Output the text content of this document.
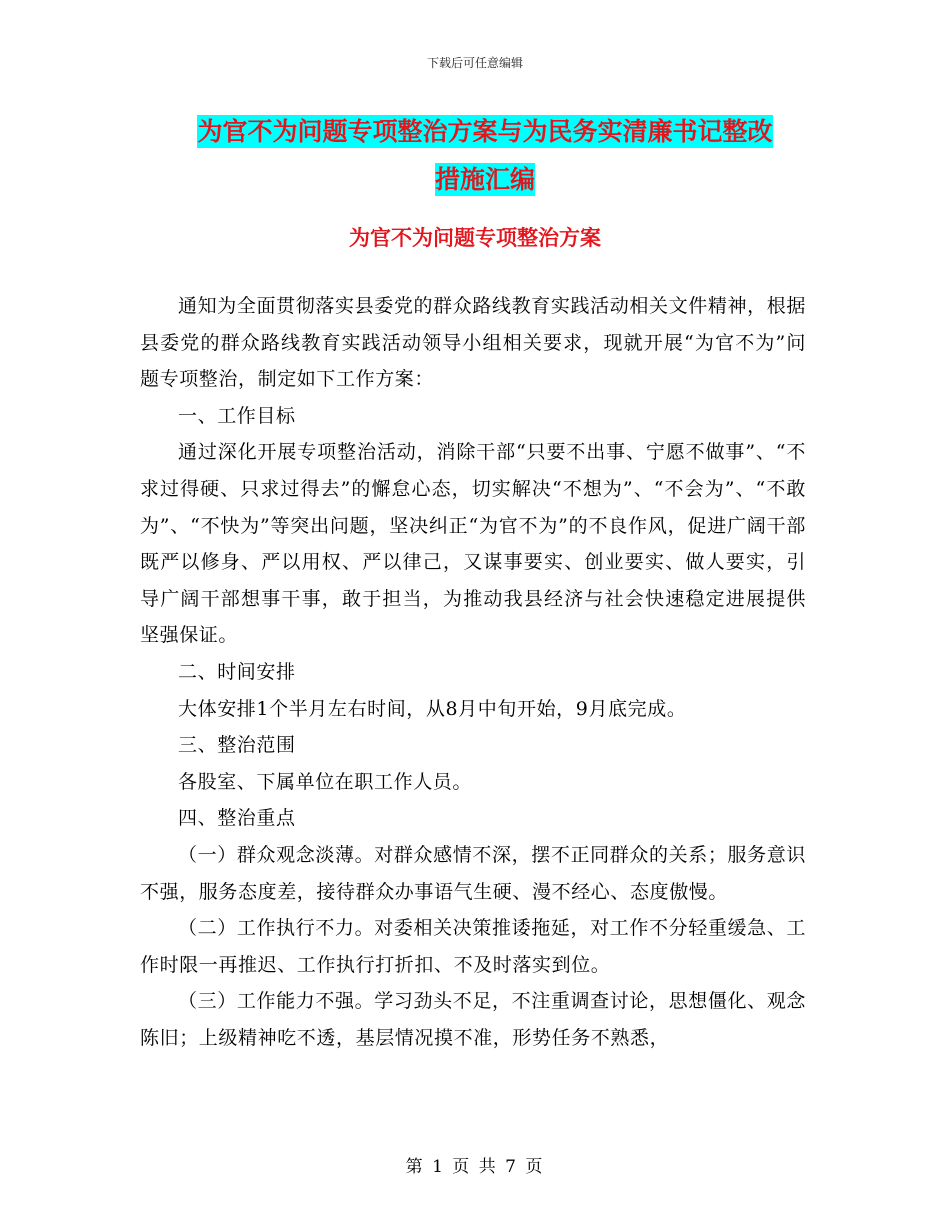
下载后可任意编辑
为官不为问题专项整治方案与为民务实清廉书记整改
措施汇编
为官不为问题专项整治方案

通知为全面贯彻落实县委党的群众路线教育实践活动相关文件精神，根据县委党的群众路线教育实践活动领导小组相关要求，现就开展“为官不为”问题专项整治，制定如下工作方案：

一、工作目标

通过深化开展专项整治活动，消除干部“只要不出事、宁愿不做事”、“不求过得硬、只求过得去”的懈怠心态，切实解决“不想为”、“不会为”、“不敢为”、“不快为”等突出问题，坚决纠正“为官不为”的不良作风，促进广阔干部既严以修身、严以用权、严以律己，又谋事要实、创业要实、做人要实，引导广阔干部想事干事，敢于担当，为推动我县经济与社会快速稳定进展提供坚强保证。

二、时间安排

大体安排1个半月左右时间，从8月中旬开始，9月底完成。

三、整治范围

各股室、下属单位在职工作人员。

四、整治重点

（一）群众观念淡薄。对群众感情不深，摆不正同群众的关系；服务意识不强，服务态度差，接待群众办事语气生硬、漫不经心、态度傲慢。

（二）工作执行不力。对委相关决策推诿拖延，对工作不分轻重缓急、工作时限一再推迟、工作执行打折扣、不及时落实到位。

（三）工作能力不强。学习劲头不足，不注重调查讨论，思想僵化、观念陈旧；上级精神吃不透，基层情况摸不准，形势任务不熟悉，

第 1 页 共 7 页
